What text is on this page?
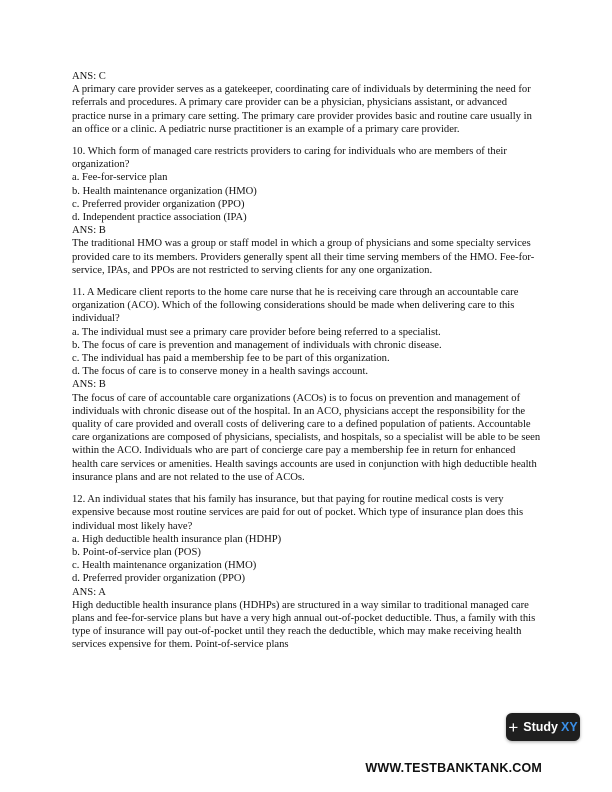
ANS: C

A primary care provider serves as a gatekeeper, coordinating care of individuals by determining the need for referrals and procedures. A primary care provider can be a physician, physicians assistant, or advanced practice nurse in a primary care setting. The primary care provider provides basic and routine care usually in an office or a clinic. A pediatric nurse practitioner is an example of a primary care provider.

10. Which form of managed care restricts providers to caring for individuals who are members of their organization?

a. Fee-for-service plan

b. Health maintenance organization (HMO)

c. Preferred provider organization (PPO)

d. Independent practice association (IPA)

ANS: B

The traditional HMO was a group or staff model in which a group of physicians and some specialty services provided care to its members. Providers generally spent all their time serving members of the HMO. Fee-for-service, IPAs, and PPOs are not restricted to serving clients for any one organization.

11. A Medicare client reports to the home care nurse that he is receiving care through an accountable care organization (ACO). Which of the following considerations should be made when delivering care to this individual?

a. The individual must see a primary care provider before being referred to a specialist.

b. The focus of care is prevention and management of individuals with chronic disease.

c. The individual has paid a membership fee to be part of this organization.

d. The focus of care is to conserve money in a health savings account.

ANS: B

The focus of care of accountable care organizations (ACOs) is to focus on prevention and management of individuals with chronic disease out of the hospital. In an ACO, physicians accept the responsibility for the quality of care provided and overall costs of delivering care to a defined population of patients. Accountable care organizations are composed of physicians, specialists, and hospitals, so a specialist will be able to be seen within the ACO. Individuals who are part of concierge care pay a membership fee in return for enhanced health care services or amenities. Health savings accounts are used in conjunction with high deductible health insurance plans and are not related to the use of ACOs.

12. An individual states that his family has insurance, but that paying for routine medical costs is very expensive because most routine services are paid for out of pocket. Which type of insurance plan does this individual most likely have?

a. High deductible health insurance plan (HDHP)

b. Point-of-service plan (POS)

c. Health maintenance organization (HMO)

d. Preferred provider organization (PPO)

ANS: A

High deductible health insurance plans (HDHPs) are structured in a way similar to traditional managed care plans and fee-for-service plans but have a very high annual out-of-pocket deductible. Thus, a family with this type of insurance will pay out-of-pocket until they reach the deductible, which may make receiving health services expensive for them. Point-of-service plans

+ Study XY
WWW.TESTBANKTANK.COM
